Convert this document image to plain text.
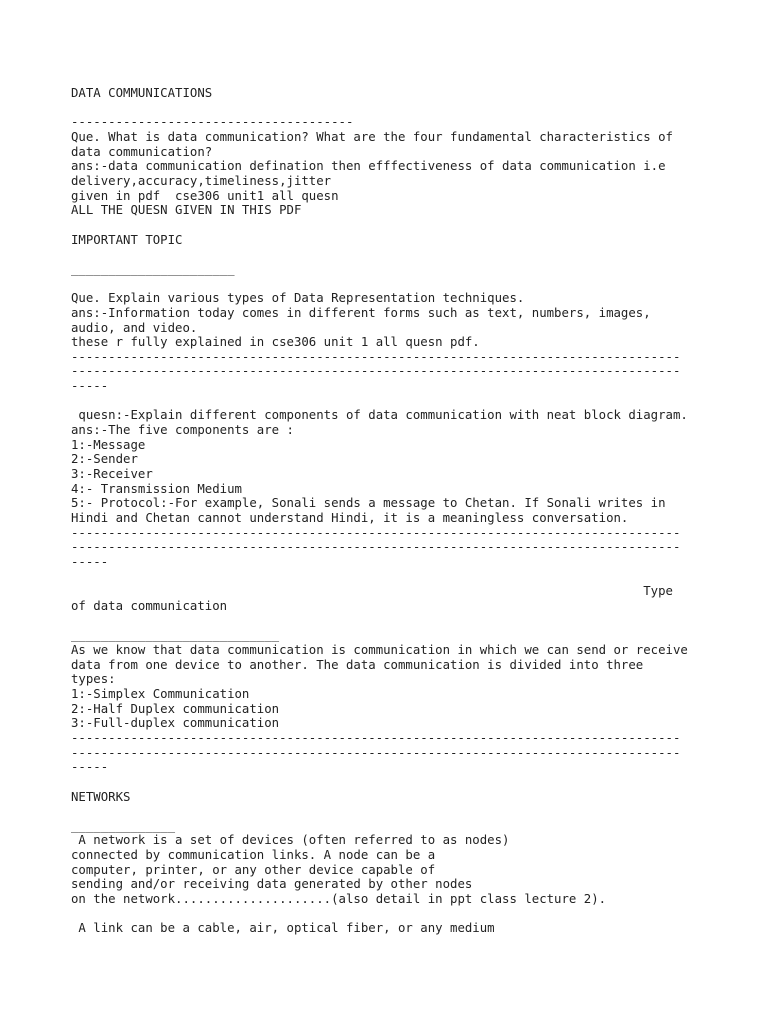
DATA COMMUNICATIONS

--------------------------------------
Que. What is data communication? What are the four fundamental characteristics of
data communication?
ans:-data communication defination then efffectiveness of data communication i.e
delivery,accuracy,timeliness,jitter
given in pdf  cse306 unit1 all quesn
ALL THE QUESN GIVEN IN THIS PDF

IMPORTANT TOPIC

______________________

Que. Explain various types of Data Representation techniques.
ans:-Information today comes in different forms such as text, numbers, images,
audio, and video.
these r fully explained in cse306 unit 1 all quesn pdf.
----------------------------------------------------------------------------------
----------------------------------------------------------------------------------
-----

quesn:-Explain different components of data communication with neat block diagram.
ans:-The five components are :
1:-Message
2:-Sender
3:-Receiver
4:- Transmission Medium
5:- Protocol:-For example, Sonali sends a message to Chetan. If Sonali writes in
Hindi and Chetan cannot understand Hindi, it is a meaningless conversation.
----------------------------------------------------------------------------------
----------------------------------------------------------------------------------
-----

Type
of data communication

____________________________
As we know that data communication is communication in which we can send or receive
data from one device to another. The data communication is divided into three
types:
1:-Simplex Communication
2:-Half Duplex communication
3:-Full-duplex communication
----------------------------------------------------------------------------------
----------------------------------------------------------------------------------
-----

NETWORKS

______________
A network is a set of devices (often referred to as nodes)
connected by communication links. A node can be a
computer, printer, or any other device capable of
sending and/or receiving data generated by other nodes
on the network.....................(also detail in ppt class lecture 2).

A link can be a cable, air, optical fiber, or any medium
